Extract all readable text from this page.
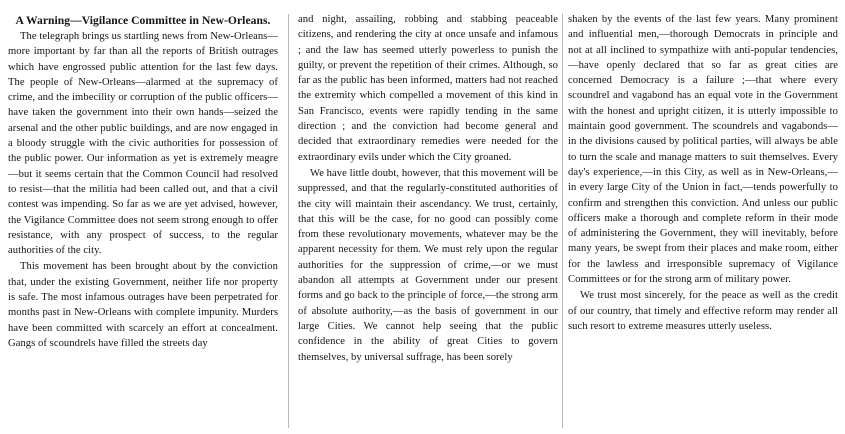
A Warning—Vigilance Committee in New-Orleans.

The telegraph brings us startling news from New-Orleans—more important by far than all the reports of British outrages which have engrossed public attention for the last few days. The people of New-Orleans—alarmed at the supremacy of crime, and the imbecility or corruption of the public officers—have taken the government into their own hands—seized the arsenal and the other public buildings, and are now engaged in a bloody struggle with the civic authorities for possession of the public power. Our information as yet is extremely meagre—but it seems certain that the Common Council had resolved to resist—that the militia had been called out, and that a civil contest was impending. So far as we are yet advised, however, the Vigilance Committee does not seem strong enough to offer resistance, with any prospect of success, to the regular authorities of the city.

This movement has been brought about by the conviction that, under the existing Government, neither life nor property is safe. The most infamous outrages have been perpetrated for months past in New-Orleans with complete impunity. Murders have been committed with scarcely an effort at concealment. Gangs of scoundrels have filled the streets day

and night, assailing, robbing and stabbing peaceable citizens, and rendering the city at once unsafe and infamous ; and the law has seemed utterly powerless to punish the guilty, or prevent the repetition of their crimes. Although, so far as the public has been informed, matters had not reached the extremity which compelled a movement of this kind in San Francisco, events were rapidly tending in the same direction ; and the conviction had become general and decided that extraordinary remedies were needed for the extraordinary evils under which the City groaned.

We have little doubt, however, that this movement will be suppressed, and that the regularly-constituted authorities of the city will maintain their ascendancy. We trust, certainly, that this will be the case, for no good can possibly come from these revolutionary movements, whatever may be the apparent necessity for them. We must rely upon the regular authorities for the suppression of crime,—or we must abandon all attempts at Government under our present forms and go back to the principle of force,—the strong arm of absolute authority,—as the basis of government in our large Cities. We cannot help seeing that the public confidence in the ability of great Cities to govern themselves, by universal suffrage, has been sorely

shaken by the events of the last few years. Many prominent and influential men,—thorough Democrats in principle and not at all inclined to sympathize with anti-popular tendencies,—have openly declared that so far as great cities are concerned Democracy is a failure ;—that where every scoundrel and vagabond has an equal vote in the Government with the honest and upright citizen, it is utterly impossible to maintain good government. The scoundrels and vagabonds—in the divisions caused by political parties, will always be able to turn the scale and manage matters to suit themselves. Every day's experience,—in this City, as well as in New-Orleans,—in every large City of the Union in fact,—tends powerfully to confirm and strengthen this conviction. And unless our public officers make a thorough and complete reform in their mode of administering the Government, they will inevitably, before many years, be swept from their places and make room, either for the lawless and irresponsible supremacy of Vigilance Committees or for the strong arm of military power.

We trust most sincerely, for the peace as well as the credit of our country, that timely and effective reform may render all such resort to extreme measures utterly useless.
